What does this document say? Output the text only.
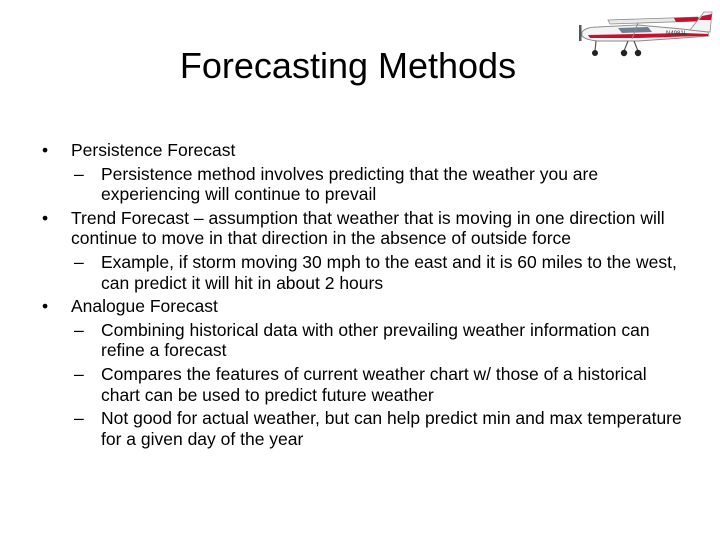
Forecasting Methods
N4981L
• Persistence Forecast
– Persistence method involves predicting that the weather you are experiencing will continue to prevail
• Trend Forecast – assumption that weather that is moving in one direction will continue to move in that direction in the absence of outside force
– Example, if storm moving 30 mph to the east and it is 60 miles to the west, can predict it will hit in about 2 hours
• Analogue Forecast
– Combining historical data with other prevailing weather information can refine a forecast
– Compares the features of current weather chart w/ those of a historical chart can be used to predict future weather
– Not good for actual weather, but can help predict min and max temperature for a given day of the year
